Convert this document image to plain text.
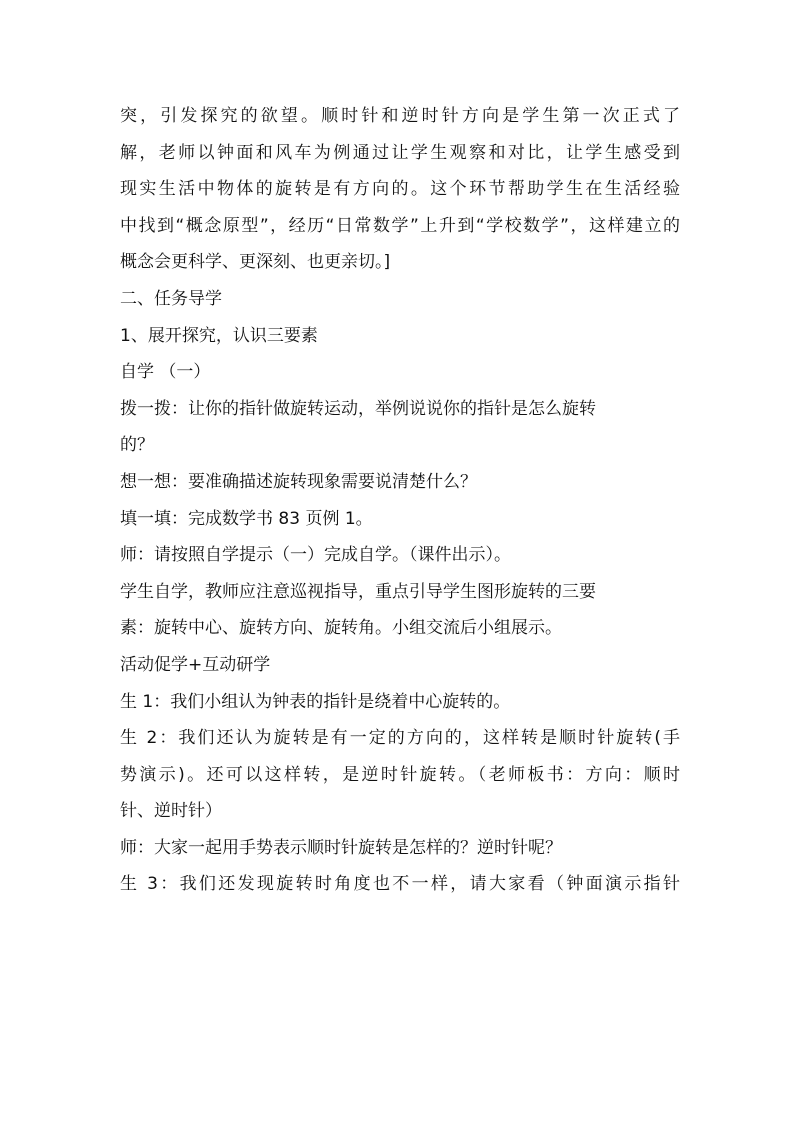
突，引发探究的欲望。顺时针和逆时针方向是学生第一次正式了
解，老师以钟面和风车为例通过让学生观察和对比，让学生感受到
现实生活中物体的旋转是有方向的。这个环节帮助学生在生活经验
中找到“概念原型”，经历“日常数学”上升到“学校数学”，这样建立的
概念会更科学、更深刻、也更亲切。]
二、任务导学
1、展开探究，认识三要素
自学 （一）
拨一拨：让你的指针做旋转运动，举例说说你的指针是怎么旋转
的？
想一想：要准确描述旋转现象需要说清楚什么？
填一填：完成数学书 83 页例 1。
师：请按照自学提示（一）完成自学。（课件出示）。
学生自学，教师应注意巡视指导，重点引导学生图形旋转的三要
素：旋转中心、旋转方向、旋转角。小组交流后小组展示。
活动促学+互动研学
生 1：我们小组认为钟表的指针是绕着中心旋转的。
生 2：我们还认为旋转是有一定的方向的，这样转是顺时针旋转(手
势演示)。还可以这样转，是逆时针旋转。（老师板书：方向：顺时
针、逆时针）
师：大家一起用手势表示顺时针旋转是怎样的？逆时针呢？
生 3：我们还发现旋转时角度也不一样，请大家看（钟面演示指针
